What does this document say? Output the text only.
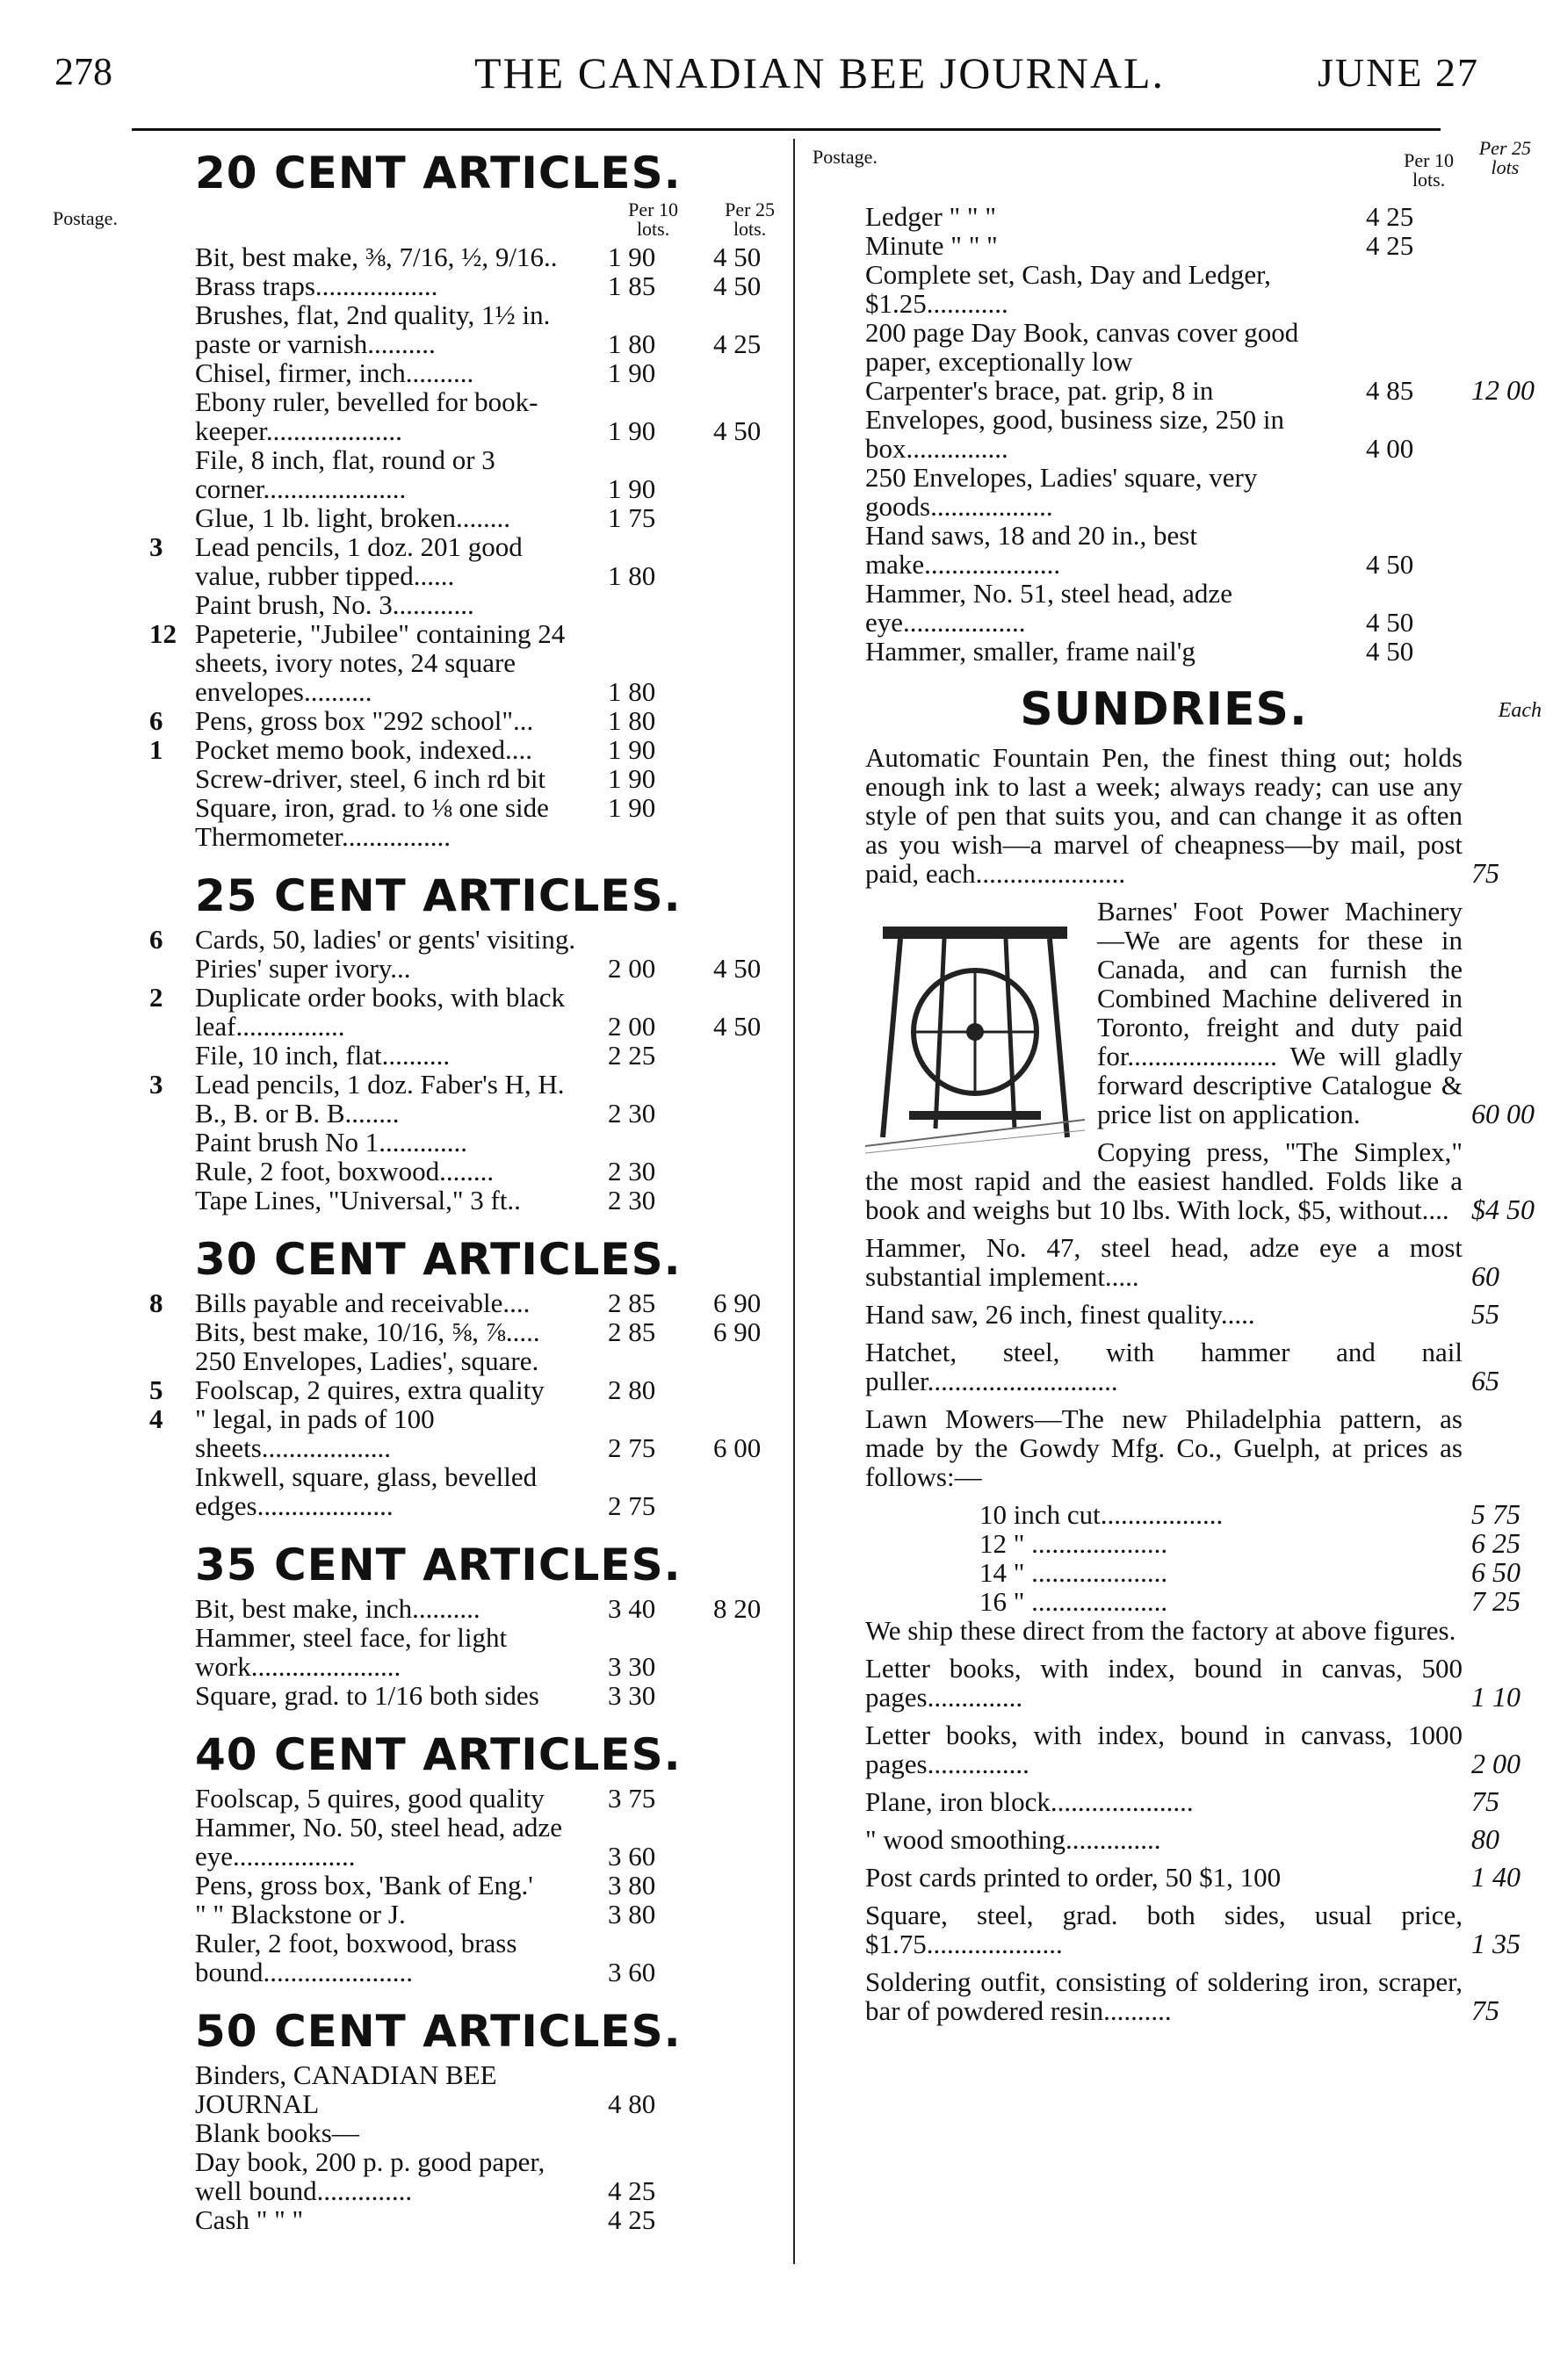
278	THE CANADIAN BEE JOURNAL.	JUNE 27
Postage.
20 CENT ARTICLES.
Per 10
lots.
Per 25
lots.
Bit, best make, ⅜, 7/16, ½, 9/16..	1 90	4 50
Brass traps..................	1 85	4 50
Brushes, flat, 2nd quality, 1½ in. paste or varnish..........	1 80	4 25
Chisel, firmer, inch..........	1 90
Ebony ruler, bevelled for book-keeper....................	1 90	4 50
File, 8 inch, flat, round or 3 corner.....................	1 90
Glue, 1 lb. light, broken........	1 75
3 Lead pencils, 1 doz. 201 good value, rubber tipped......	1 80
Paint brush, No. 3............
12 Papeterie, "Jubilee" containing 24 sheets, ivory notes, 24 square envelopes..........	1 80
6 Pens, gross box "292 school"...	1 80
1 Pocket memo book, indexed....	1 90
Screw-driver, steel, 6 inch rd bit	1 90
Square, iron, grad. to ⅛ one side	1 90
Thermometer................
25 CENT ARTICLES.
6 Cards, 50, ladies' or gents' visiting. Piries' super ivory...	2 00	4 50
2 Duplicate order books, with black leaf................	2 00	4 50
File, 10 inch, flat..........	2 25
3 Lead pencils, 1 doz. Faber's H, H. B., B. or B. B........	2 30
Paint brush No 1.............
Rule, 2 foot, boxwood........	2 30
Tape Lines, "Universal," 3 ft..	2 30
30 CENT ARTICLES.
8 Bills payable and receivable....	2 85	6 90
Bits, best make, 10/16, ⅝, ⅞.....	2 85	6 90
250 Envelopes, Ladies', square.
5 Foolscap, 2 quires, extra quality	2 80
4 " legal, in pads of 100 sheets...................	2 75	6 00
Inkwell, square, glass, bevelled edges....................	2 75
35 CENT ARTICLES.
Bit, best make, inch..........	3 40	8 20
Hammer, steel face, for light work......................	3 30
Square, grad. to 1/16 both sides	3 30
40 CENT ARTICLES.
Foolscap, 5 quires, good quality	3 75
Hammer, No. 50, steel head, adze eye..................	3 60
Pens, gross box, 'Bank of Eng.'	3 80
" " Blackstone or J.	3 80
Ruler, 2 foot, boxwood, brass bound......................	3 60
50 CENT ARTICLES.
Binders, CANADIAN BEE JOURNAL	4 80
Blank books—
Day book, 200 p. p. good paper, well bound..............	4 25
Cash " " "	4 25
Postage.	Per 10
lots.
Per 25
lots
Ledger " " "	4 25
Minute " " "	4 25
Complete set, Cash, Day and Ledger, $1.25............
200 page Day Book, canvas cover good paper, exceptionally low
Carpenter's brace, pat. grip, 8 in	4 85	12 00
Envelopes, good, business size, 250 in box...............	4 00
250 Envelopes, Ladies' square, very goods..................
Hand saws, 18 and 20 in., best make....................	4 50
Hammer, No. 51, steel head, adze eye..................	4 50
Hammer, smaller, frame nail'g	4 50
SUNDRIES.	Each
Automatic Fountain Pen, the finest thing out; holds enough ink to last a week; always ready; can use any style of pen that suits you, and can change it as often as you wish—a marvel of cheapness—by mail, post paid, each......................	75
Barnes' Foot Power Machinery—We are agents for these in Canada, and can furnish the Combined Machine delivered in Toronto, freight and duty paid for...................... We will gladly forward descriptive Catalogue & price list on application.	60 00
Copying press, "The Simplex," the most rapid and the easiest handled. Folds like a book and weighs but 10 lbs. With lock, $5, without.... $4 50
Hammer, No. 47, steel head, adze eye a most substantial implement.....	60
Hand saw, 26 inch, finest quality.....	55
Hatchet, steel, with hammer and nail puller............................	65
Lawn Mowers—The new Philadelphia pattern, as made by the Gowdy Mfg. Co., Guelph, at prices as follows:—
10 inch cut..................	5 75
12 " ....................	6 25
14 " ....................	6 50
16 " ....................	7 25
We ship these direct from the factory at above figures.
Letter books, with index, bound in canvas, 500 pages..............	1 10
Letter books, with index, bound in canvass, 1000 pages...............	2 00
Plane, iron block.....................	75
" wood smoothing..............	80
Post cards printed to order, 50 $1, 100	1 40
Square, steel, grad. both sides, usual price, $1.75....................	1 35
Soldering outfit, consisting of soldering iron, scraper, bar of powdered resin..........	75
